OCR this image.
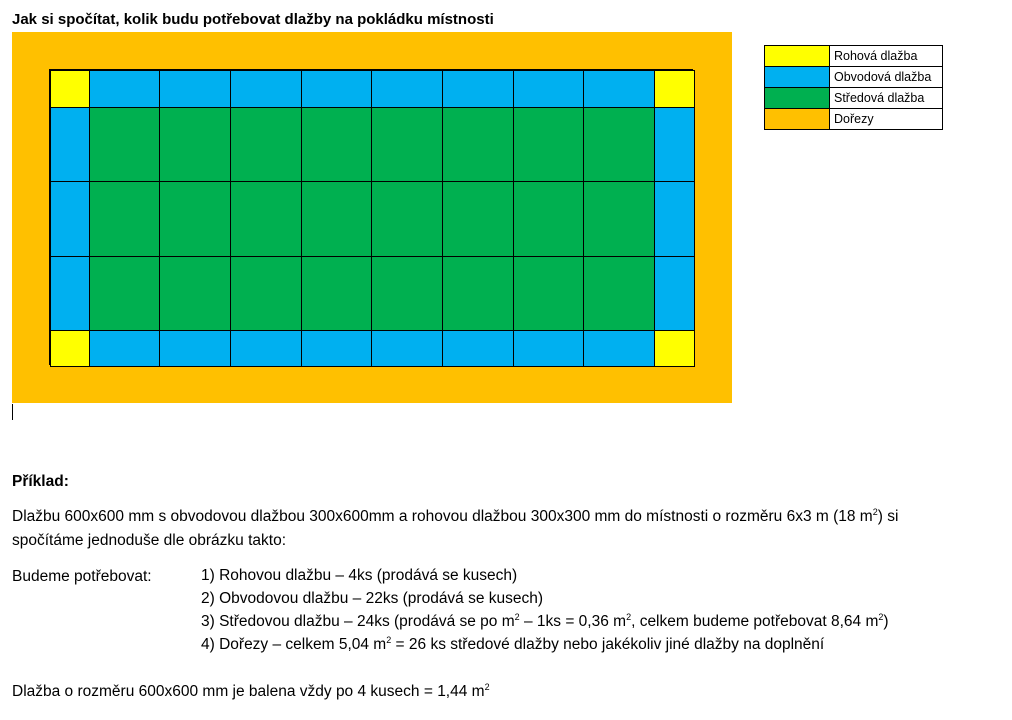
Jak si spočítat, kolik budu potřebovat dlažby na pokládku místnosti
	Rohová dlažba
	Obvodová dlažba
	Středová dlažba
	Dořezy
Příklad:
Dlažbu 600x600 mm s obvodovou dlažbou 300x600mm a rohovou dlažbou 300x300 mm do místnosti o rozměru 6x3 m (18 $m^2$) si
spočítáme jednoduše dle obrázku takto:
Budeme potřebovat:	1) Rohovou dlažbu – 4ks (prodává se kusech)
2) Obvodovou dlažbu – 22ks (prodává se kusech)
3) Středovou dlažbu – 24ks (prodává se po $m^2 - 1ks = 0,36$ $m^2$, celkem budeme potřebovat 8,64 $m^2$)
4) Dořezy – celkem 5,04 $m^2 = 26$ ks středové dlažby nebo jakékoliv jiné dlažby na doplnění
Dlažba o rozměru 600x600 mm je balena vždy po 4 kusech = 1,44 $m^2$
